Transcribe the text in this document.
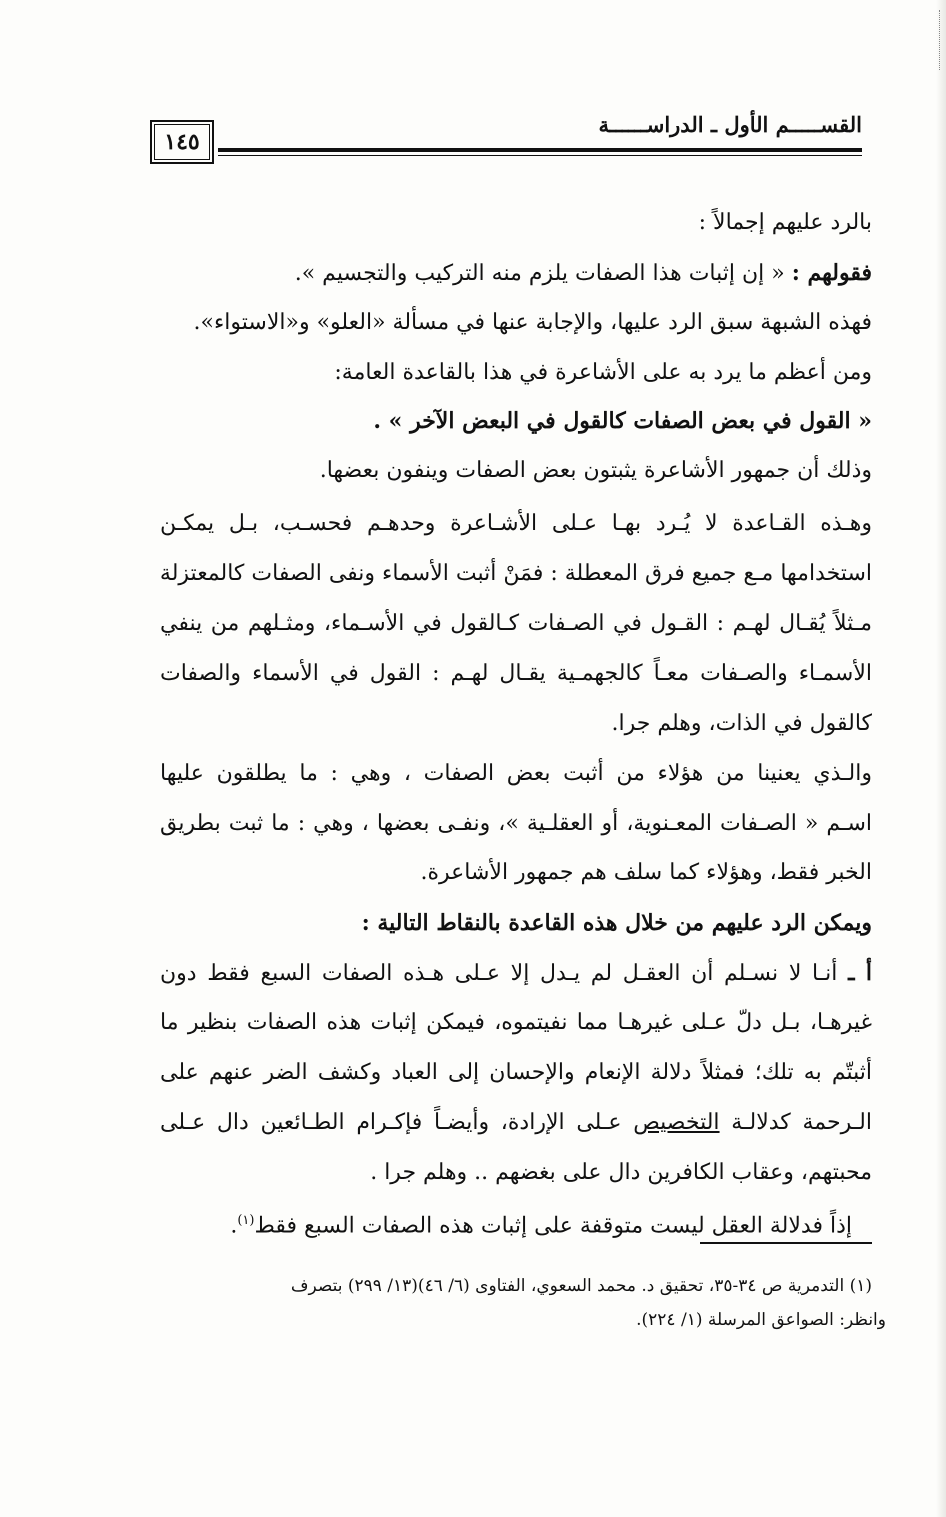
القســـــم الأول ـ الدراســــــة
١٤٥
بالرد عليهم إجمالاً :
فقولهم : « إن إثبات هذا الصفات يلزم منه التركيب والتجسيم ».
فهذه الشبهة سبق الرد عليها، والإجابة عنها في مسألة «العلو» و«الاستواء».
ومن أعظم ما يرد به على الأشاعرة في هذا بالقاعدة العامة:
« القول في بعض الصفات كالقول في البعض الآخر » .
وذلك أن جمهور الأشاعرة يثبتون بعض الصفات وينفون بعضها.
وهـذه القـاعدة لا يُـرد بهـا عـلى الأشـاعرة وحدهـم فحسـب، بـل يمكـن
استخدامها مـع جميع فرق المعطلة : فمَنْ أثبت الأسماء ونفى الصفات كالمعتزلة
مـثلاً يُقـال لهـم : القـول في الصـفات كـالقول في الأسـماء، ومثـلهم من ينفي
الأسمـاء والصـفات معـاً كالجهمـية يقـال لهـم : القول في الأسماء والصفات
كالقول في الذات، وهلم جرا.
والـذي يعنينا من هؤلاء من أثبت بعض الصفات ، وهي : ما يطلقون عليها
اسـم « الصـفات المعـنوية، أو العقلـية »، ونفـى بعضها ، وهي : ما ثبت بطريق
الخبر فقط، وهؤلاء كما سلف هم جمهور الأشاعرة.
ويمكن الرد عليهم من خلال هذه القاعدة بالنقاط التالية :
أ ـ أنـا لا نسـلم أن العقـل لم يـدل إلا عـلى هـذه الصفات السبع فقط دون
غيرهـا، بـل دلّ عـلى غيرهـا مما نفيتموه، فيمكن إثبات هذه الصفات بنظير ما
أثبتّم به تلك؛ فمثلاً دلالة الإنعام والإحسان إلى العباد وكشف الضر عنهم على
الـرحمة كدلالـة التخصيص عـلى الإرادة، وأيضـاً فإكـرام الطـائعين دال عـلى
محبتهم، وعقاب الكافرين دال على بغضهم .. وهلم جرا .
إذاً فدلالة العقل ليست متوقفة على إثبات هذه الصفات السبع فقط$^{(١)}$.
(١) التدمرية ص ٣٤-٣٥، تحقيق د. محمد السعوي، الفتاوى (٦/ ٤٦)(١٣/ ٢٩٩) بتصرف
وانظر: الصواعق المرسلة (١/ ٢٢٤).
